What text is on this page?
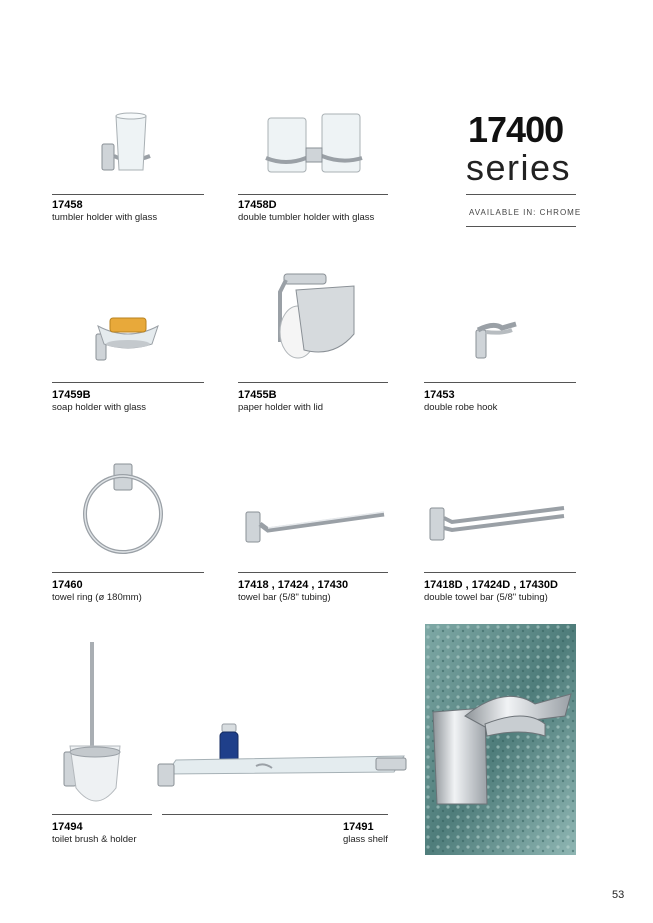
17400
series
AVAILABLE IN: CHROME
17458
tumbler holder with glass
17458D
double tumbler holder with glass
17459B
soap holder with glass
17455B
paper holder with lid
17453
double robe hook
17460
towel ring (ø 180mm)
17418 , 17424 , 17430
towel bar (5/8" tubing)
17418D , 17424D , 17430D
double towel bar (5/8" tubing)
17494
toilet brush & holder
17491
glass shelf
53
